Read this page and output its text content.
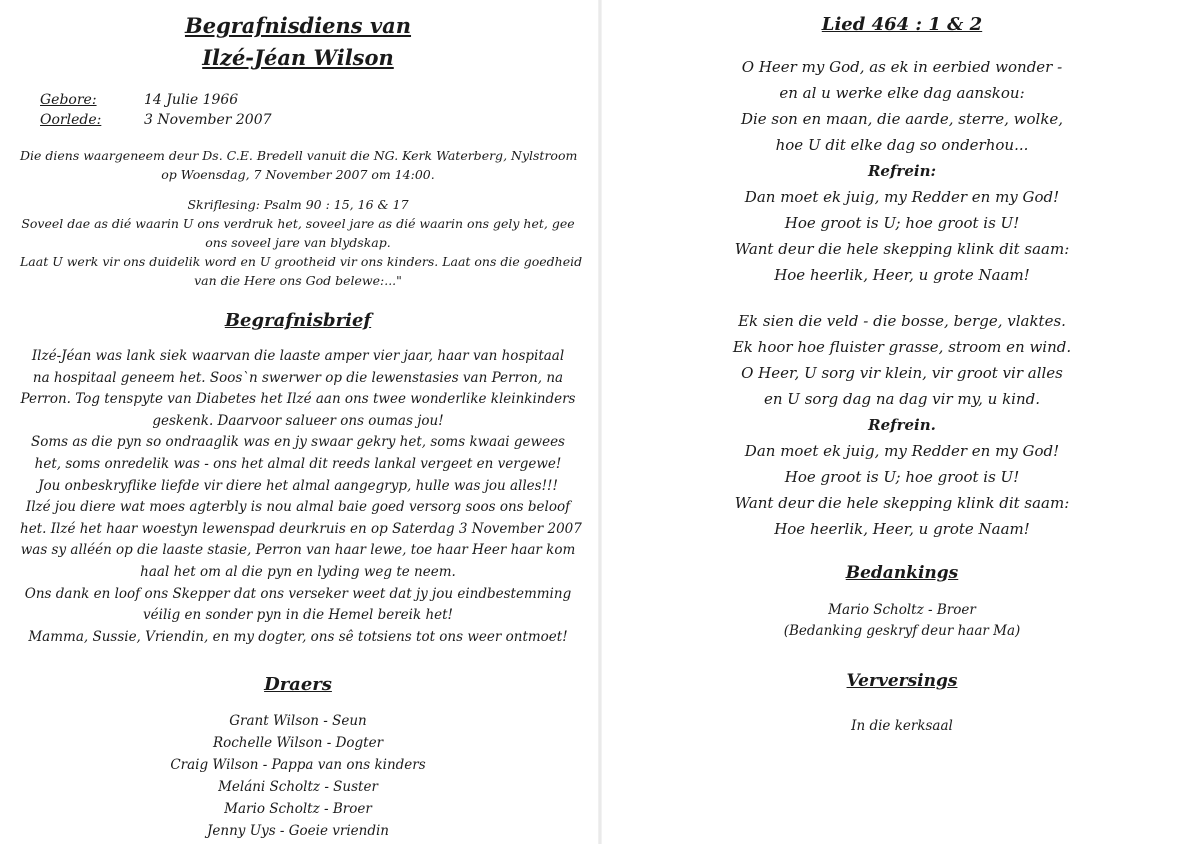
Begrafnisdiens van
Ilzé-Jéan Wilson
Gebore:	14 Julie 1966
Oorlede:	3 November 2007
Die diens waargeneem deur Ds. C.E. Bredell vanuit die NG. Kerk Waterberg, Nylstroom
op Woensdag, 7 November 2007 om 14:00.
Skriflesing: Psalm 90 : 15, 16 & 17
Soveel dae as dié waarin U ons verdruk het, soveel jare as dié waarin ons gely het, gee
ons soveel jare van blydskap.
Laat U werk vir ons duidelik word en U grootheid vir ons kinders. Laat ons die goedheid
van die Here ons God belewe:..."
Begrafnisbrief
Ilzé-Jéan was lank siek waarvan die laaste amper vier jaar, haar van hospitaal
na hospitaal geneem het. Soos`n swerwer op die lewenstasies van Perron, na
Perron. Tog tenspyte van Diabetes het Ilzé aan ons twee wonderlike kleinkinders
geskenk. Daarvoor salueer ons oumas jou!
Soms as die pyn so ondraaglik was en jy swaar gekry het, soms kwaai gewees
het, soms onredelik was - ons het almal dit reeds lankal vergeet en vergewe!
Jou onbeskryflike liefde vir diere het almal aangegryp, hulle was jou alles!!!
Ilzé jou diere wat moes agterbly is nou almal baie goed versorg soos ons beloof
het. Ilzé het haar woestyn lewenspad deurkruis en op Saterdag 3 November 2007
was sy alléén op die laaste stasie, Perron van haar lewe, toe haar Heer haar kom
haal het om al die pyn en lyding weg te neem.
Ons dank en loof ons Skepper dat ons verseker weet dat jy jou eindbestemming
véilig en sonder pyn in die Hemel bereik het!
Mamma, Sussie, Vriendin, en my dogter, ons sê totsiens tot ons weer ontmoet!
Draers
Grant Wilson - Seun
Rochelle Wilson - Dogter
Craig Wilson - Pappa van ons kinders
Meláni Scholtz - Suster
Mario Scholtz - Broer
Jenny Uys - Goeie vriendin
Lied 464 : 1 & 2
O Heer my God, as ek in eerbied wonder -
en al u werke elke dag aanskou:
Die son en maan, die aarde, sterre, wolke,
hoe U dit elke dag so onderhou...
Refrein:
Dan moet ek juig, my Redder en my God!
Hoe groot is U; hoe groot is U!
Want deur die hele skepping klink dit saam:
Hoe heerlik, Heer, u grote Naam!
Ek sien die veld - die bosse, berge, vlaktes.
Ek hoor hoe fluister grasse, stroom en wind.
O Heer, U sorg vir klein, vir groot vir alles
en U sorg dag na dag vir my, u kind.
Refrein.
Dan moet ek juig, my Redder en my God!
Hoe groot is U; hoe groot is U!
Want deur die hele skepping klink dit saam:
Hoe heerlik, Heer, u grote Naam!
Bedankings
Mario Scholtz - Broer
(Bedanking geskryf deur haar Ma)
Verversings
In die kerksaal
